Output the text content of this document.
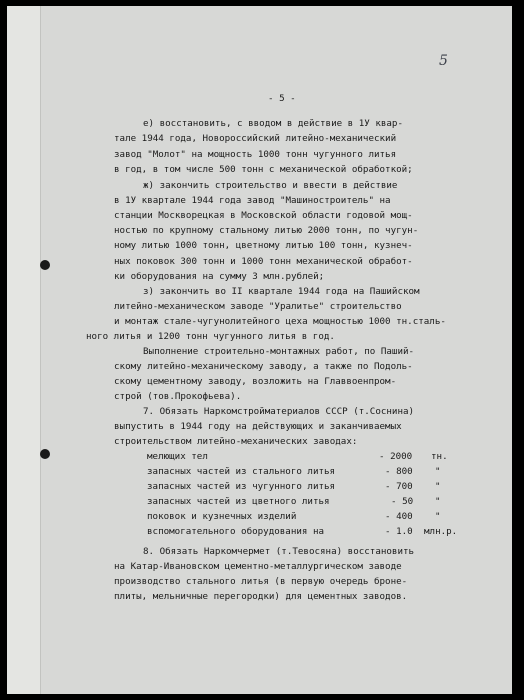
5
- 5 -
е) восстановить, с вводом в действие в 1У квар-
тале 1944 года, Новороссийский литейно-механический
завод "Молот" на мощность 1000 тонн чугунного литья
в год, в том числе 500 тонн с механической обработкой;
ж) закончить строительство и ввести в действие
в 1У квартале 1944 года завод "Машиностроитель" на
станции Москворецкая в Московской области годовой мощ-
ностью по крупному стальному литью 2000 тонн, по чугун-
ному литью 1000 тонн, цветному литью 100 тонн, кузнеч-
ных поковок 300 тонн и 1000 тонн механической обработ-
ки оборудования на сумму 3 млн.рублей;
з) закончить во II квартале 1944 года на Пашийском
литейно-механическом заводе "Уралитье" строительство
и монтаж стале-чугунолитейного цеха мощностью 1000 тн.сталь-
ного литья и 1200 тонн чугунного литья в год.
Выполнение строительно-монтажных работ, по Паший-
скому литейно-механическому заводу, а также по Подоль-
скому цементному заводу, возложить на Главвоенпром-
строй (тов.Прокофьева).
7. Обязать Наркомстройматериалов СССР (т.Соснина)
выпустить в 1944 году на действующих и заканчиваемых
строительством литейно-механических заводах:
мелющих тел	- 2000 тн.
запасных частей из стального литья	- 800 "
запасных частей из чугунного литья	- 700 "
запасных частей из цветного литья	- 50 "
поковок и кузнечных изделий	- 400 "
вспомогательного оборудования на	- 1.0 млн.р.
8. Обязать Наркомчермет (т.Тевосяна) восстановить
на Катар-Ивановском цементно-металлургическом заводе
производство стального литья (в первую очередь броне-
плиты, мельничные перегородки) для цементных заводов.
